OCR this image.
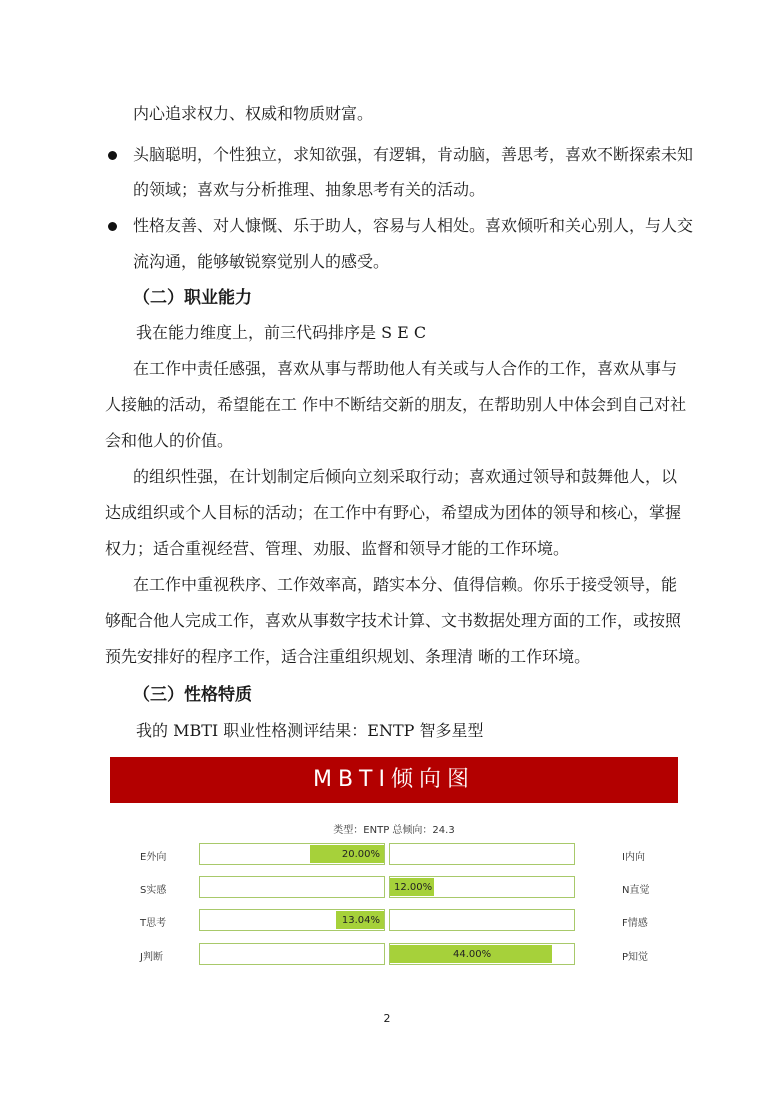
内心追求权力、权威和物质财富。
头脑聪明，个性独立，求知欲强，有逻辑，肯动脑，善思考，喜欢不断探索未知
的领域；喜欢与分析推理、抽象思考有关的活动。
性格友善、对人慷慨、乐于助人，容易与人相处。喜欢倾听和关心别人，与人交
流沟通，能够敏锐察觉别人的感受。
（二）职业能力
我在能力维度上，前三代码排序是 S E C
在工作中责任感强，喜欢从事与帮助他人有关或与人合作的工作，喜欢从事与
人接触的活动，希望能在工 作中不断结交新的朋友，在帮助别人中体会到自己对社
会和他人的价值。
的组织性强，在计划制定后倾向立刻采取行动；喜欢通过领导和鼓舞他人，以
达成组织或个人目标的活动；在工作中有野心，希望成为团体的领导和核心，掌握
权力；适合重视经营、管理、劝服、监督和领导才能的工作环境。
在工作中重视秩序、工作效率高，踏实本分、值得信赖。你乐于接受领导，能
够配合他人完成工作，喜欢从事数字技术计算、文书数据处理方面的工作，或按照
预先安排好的程序工作，适合注重组织规划、条理清 晰的工作环境。
（三）性格特质
我的 MBTI 职业性格测评结果：ENTP 智多星型
MBTI倾向图
类型：ENTP 总倾向：24.3
E外向	20.00%	I内向
S实感	12.00%	N直觉
T思考	13.04%	F情感
J判断	44.00%	P知觉
2
